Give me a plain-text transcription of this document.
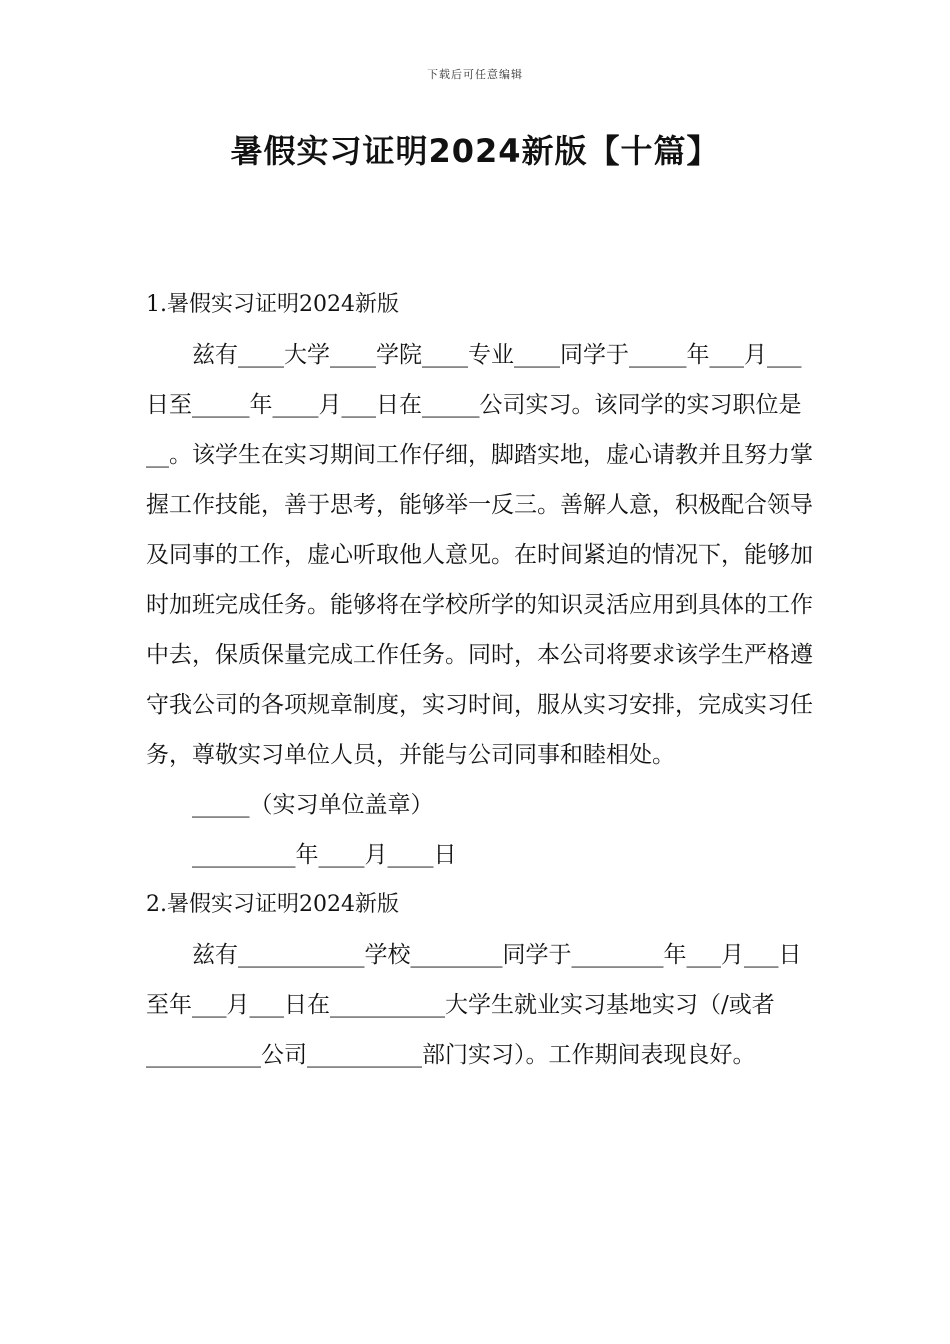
下载后可任意编辑
暑假实习证明2024新版【十篇】

1.暑假实习证明2024新版

兹有____大学____学院____专业____同学于_____年___月___日至_____年____月___日在_____公司实习。该同学的实习职位是__。该学生在实习期间工作仔细，脚踏实地，虚心请教并且努力掌握工作技能，善于思考，能够举一反三。善解人意，积极配合领导及同事的工作，虚心听取他人意见。在时间紧迫的情况下，能够加时加班完成任务。能够将在学校所学的知识灵活应用到具体的工作中去，保质保量完成工作任务。同时，本公司将要求该学生严格遵守我公司的各项规章制度，实习时间，服从实习安排，完成实习任务，尊敬实习单位人员，并能与公司同事和睦相处。

_____（实习单位盖章）

_________年____月____日

2.暑假实习证明2024新版

兹有___________学校________同学于________年___月___日至年___月___日在__________大学生就业实习基地实习（/或者__________公司__________部门实习）。工作期间表现良好。
